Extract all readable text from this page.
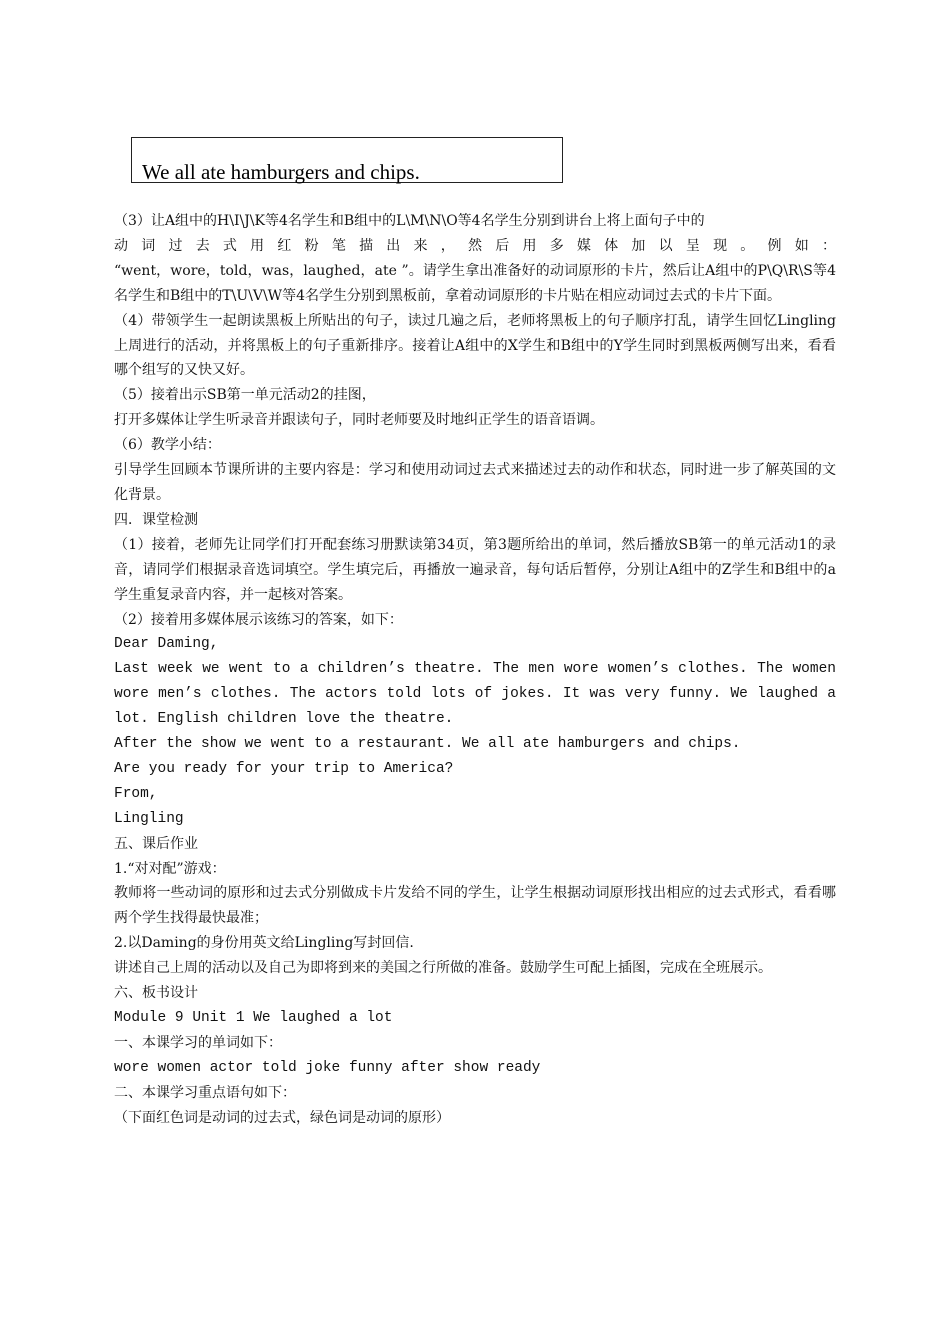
We all ate hamburgers and chips.

（3）让A组中的H\I\J\K等4名学生和B组中的L\M\N\O等4名学生分别到讲台上将上面句子中的

动词过去式用红粉笔描出来，然后用多媒体加以呈现。例如：

“went，wore，told，was，laughed，ate ”。请学生拿出准备好的动词原形的卡片，然后让A组中的P\Q\R\S等4名学生和B组中的T\U\V\W等4名学生分别到黑板前，拿着动词原形的卡片贴在相应动词过去式的卡片下面。

（4）带领学生一起朗读黑板上所贴出的句子，读过几遍之后，老师将黑板上的句子顺序打乱，请学生回忆Lingling 上周进行的活动，并将黑板上的句子重新排序。接着让A组中的X学生和B组中的Y学生同时到黑板两侧写出来，看看哪个组写的又快又好。

（5）接着出示SB第一单元活动2的挂图，

打开多媒体让学生听录音并跟读句子，同时老师要及时地纠正学生的语音语调。

（6）教学小结：

引导学生回顾本节课所讲的主要内容是：学习和使用动词过去式来描述过去的动作和状态，同时进一步了解英国的文化背景。

四．课堂检测

（1）接着，老师先让同学们打开配套练习册默读第34页，第3题所给出的单词，然后播放SB第一的单元活动1的录音，请同学们根据录音选词填空。学生填完后，再播放一遍录音，每句话后暂停，分别让A组中的Z学生和B组中的a学生重复录音内容，并一起核对答案。

（2）接着用多媒体展示该练习的答案，如下：

Dear Daming,

Last week we went to a children’s theatre. The men wore women’s clothes. The women wore men’s clothes. The actors told lots of jokes. It was very funny. We laughed a lot. English children love the theatre.

After the show we went to a restaurant. We all ate hamburgers and chips.

Are you ready for your trip to America?

From,

Lingling

五、课后作业

1.“对对配”游戏：

教师将一些动词的原形和过去式分别做成卡片发给不同的学生，让学生根据动词原形找出相应的过去式形式，看看哪两个学生找得最快最准；

2.以Daming的身份用英文给Lingling写封回信.

讲述自己上周的活动以及自己为即将到来的美国之行所做的准备。鼓励学生可配上插图，完成在全班展示。

六、板书设计

Module 9 Unit 1 We laughed a lot

一、本课学习的单词如下：

wore women actor told joke funny after show ready

二、本课学习重点语句如下：

（下面红色词是动词的过去式，绿色词是动词的原形）
